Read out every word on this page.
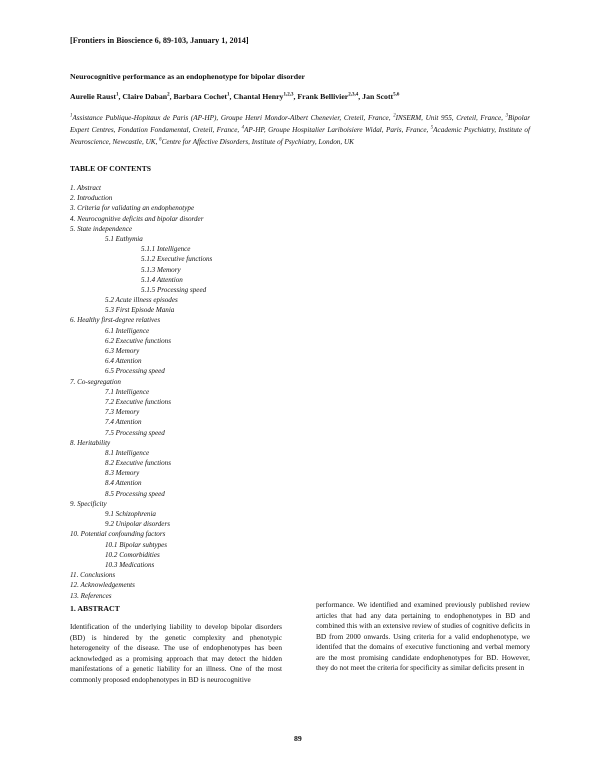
[Frontiers in Bioscience 6, 89-103, January 1, 2014]
Neurocognitive performance as an endophenotype for bipolar disorder
Aurelie Raust$^1$, Claire Daban$^2$, Barbara Cochet$^1$, Chantal Henry$^{1,2,3}$, Frank Bellivier$^{2,3,4}$, Jan Scott$^{5,6}$
$^1$Assistance Publique-Hopitaux de Paris (AP-HP), Groupe Henri Mondor-Albert Chenevier, Creteil, France, $^2$INSERM, Unit 955, Creteil, France, $^3$Bipolar Expert Centres, Fondation Fondamental, Creteil, France, $^4$AP-HP, Groupe Hospitalier Lariboisiere Widal, Paris, France, $^5$Academic Psychiatry, Institute of Neuroscience, Newcastle, UK, $^6$Centre for Affective Disorders, Institute of Psychiatry, London, UK
TABLE OF CONTENTS
1. Abstract
2. Introduction
3. Criteria for validating an endophenotype
4. Neurocognitive deficits and bipolar disorder
5. State independence
5.1 Euthymia
5.1.1 Intelligence
5.1.2 Executive functions
5.1.3 Memory
5.1.4 Attention
5.1.5 Processing speed
5.2 Acute illness episodes
5.3 First Episode Mania
6. Healthy first-degree relatives
6.1 Intelligence
6.2 Executive functions
6.3 Memory
6.4 Attention
6.5 Processing speed
7. Co-segregation
7.1 Intelligence
7.2 Executive functions
7.3 Memory
7.4 Attention
7.5 Processing speed
8. Heritability
8.1 Intelligence
8.2 Executive functions
8.3 Memory
8.4 Attention
8.5 Processing speed
9. Specificity
9.1 Schizophrenia
9.2 Unipolar disorders
10. Potential confounding factors
10.1 Bipolar subtypes
10.2 Comorbidities
10.3 Medications
11. Conclusions
12. Acknowledgements
13. References
1. ABSTRACT
Identification of the underlying liability to develop bipolar disorders (BD) is hindered by the genetic complexity and phenotypic heterogeneity of the disease. The use of endophenotypes has been acknowledged as a promising approach that may detect the hidden manifestations of a genetic liability for an illness. One of the most commonly proposed endophenotypes in BD is neurocognitive
performance. We identified and examined previously published review articles that had any data pertaining to endophenotypes in BD and combined this with an extensive review of studies of cognitive deficits in BD from 2000 onwards. Using criteria for a valid endophenotype, we identifed that the domains of executive functioning and verbal memory are the most promising candidate endophenotypes for BD. However, they do not meet the criteria for specificity as similar deficits present in
89
